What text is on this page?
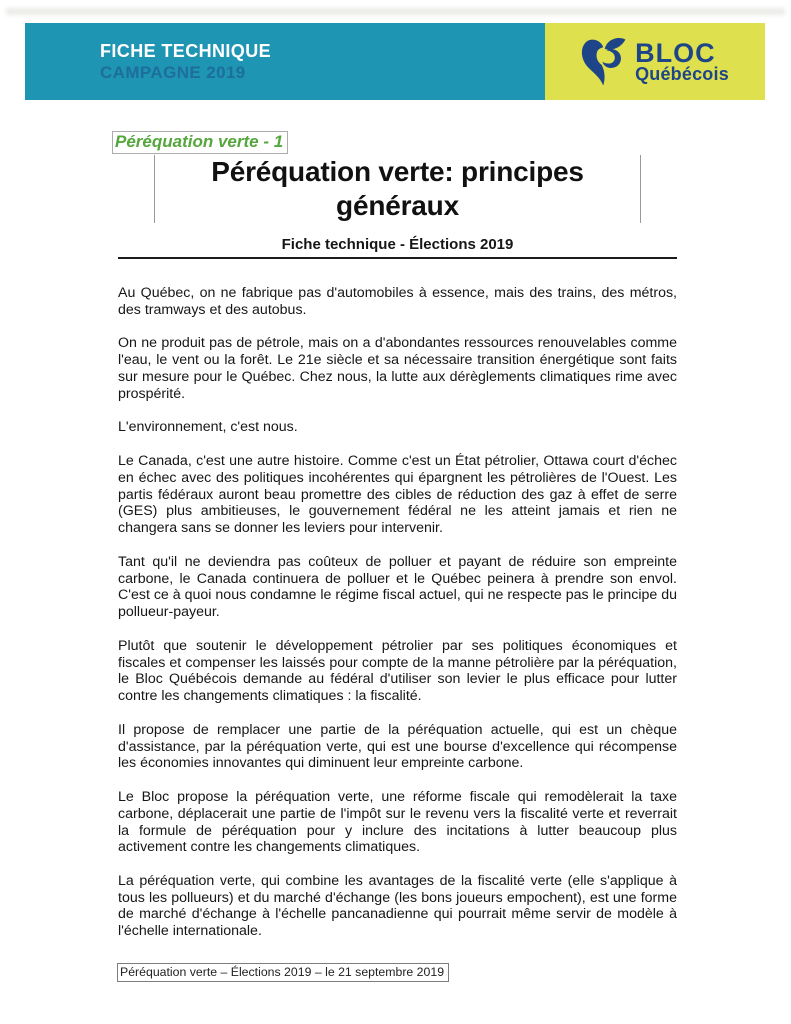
FICHE TECHNIQUE
CAMPAGNE 2019
BLOC
Québécois
Péréquation verte - 1
Péréquation verte: principes généraux
Fiche technique - Élections 2019

Au Québec, on ne fabrique pas d'automobiles à essence, mais des trains, des métros, des tramways et des autobus.

On ne produit pas de pétrole, mais on a d'abondantes ressources renouvelables comme l'eau, le vent ou la forêt. Le 21e siècle et sa nécessaire transition énergétique sont faits sur mesure pour le Québec. Chez nous, la lutte aux dérèglements climatiques rime avec prospérité.

L'environnement, c'est nous.

Le Canada, c'est une autre histoire. Comme c'est un État pétrolier, Ottawa court d'échec en échec avec des politiques incohérentes qui épargnent les pétrolières de l'Ouest. Les partis fédéraux auront beau promettre des cibles de réduction des gaz à effet de serre (GES) plus ambitieuses, le gouvernement fédéral ne les atteint jamais et rien ne changera sans se donner les leviers pour intervenir.

Tant qu'il ne deviendra pas coûteux de polluer et payant de réduire son empreinte carbone, le Canada continuera de polluer et le Québec peinera à prendre son envol. C'est ce à quoi nous condamne le régime fiscal actuel, qui ne respecte pas le principe du pollueur-payeur.

Plutôt que soutenir le développement pétrolier par ses politiques économiques et fiscales et compenser les laissés pour compte de la manne pétrolière par la péréquation, le Bloc Québécois demande au fédéral d'utiliser son levier le plus efficace pour lutter contre les changements climatiques : la fiscalité.

Il propose de remplacer une partie de la péréquation actuelle, qui est un chèque d'assistance, par la péréquation verte, qui est une bourse d'excellence qui récompense les économies innovantes qui diminuent leur empreinte carbone.

Le Bloc propose la péréquation verte, une réforme fiscale qui remodèlerait la taxe carbone, déplacerait une partie de l'impôt sur le revenu vers la fiscalité verte et reverrait la formule de péréquation pour y inclure des incitations à lutter beaucoup plus activement contre les changements climatiques.

La péréquation verte, qui combine les avantages de la fiscalité verte (elle s'applique à tous les pollueurs) et du marché d'échange (les bons joueurs empochent), est une forme de marché d'échange à l'échelle pancanadienne qui pourrait même servir de modèle à l'échelle internationale.

Péréquation verte – Élections 2019 – le 21 septembre 2019
